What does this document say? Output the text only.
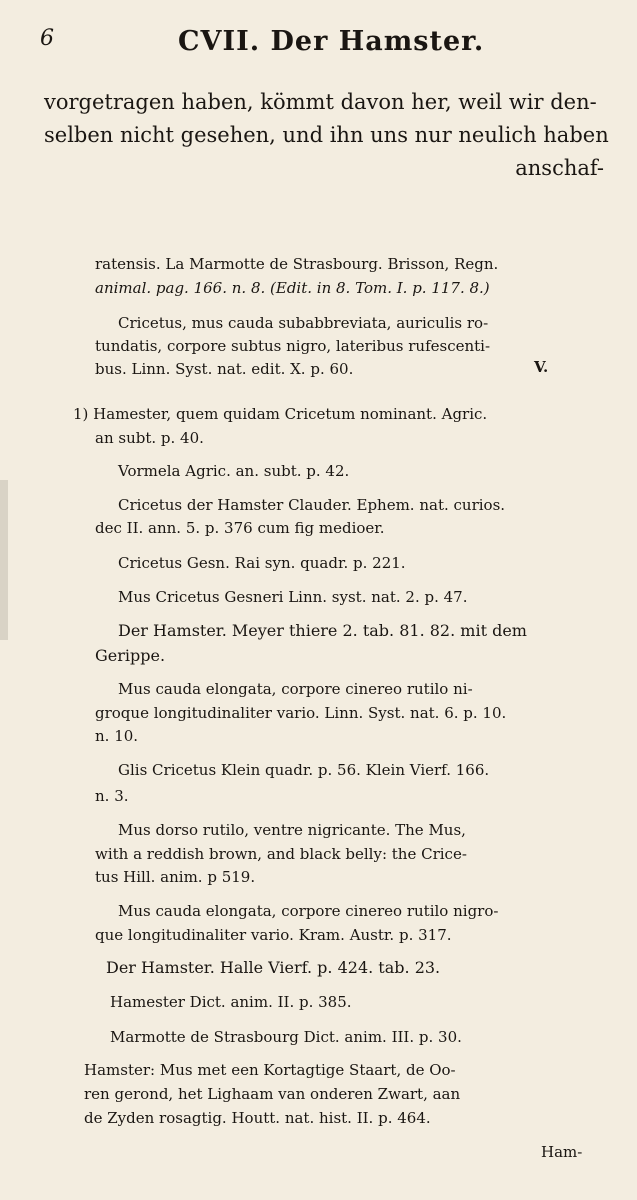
6	CVII. Der Hamster.
vorgetragen haben, kömmt davon her, weil wir den-
selben nicht gesehen, und ihn uns nur neulich haben
anschaf-
ratensis. La Marmotte de Strasbourg. Brisson, Regn.
animal. pag. 166. n. 8. (Edit. in 8. Tom. I. p. 117. 8.)
Cricetus, mus cauda subabbreviata, auriculis ro-
tundatis, corpore subtus nigro, lateribus rufescenti-
bus. Linn. Syst. nat. edit. X. p. 60.	V.
1) Hamester, quem quidam Cricetum nominant. Agric.
an subt. p. 40.
Vormela Agric. an. subt. p. 42.
Cricetus der Hamster Clauder. Ephem. nat. curios.
dec II. ann. 5. p. 376 cum fig medioer.
Cricetus Gesn. Rai syn. quadr. p. 221.
Mus Cricetus Gesneri Linn. syst. nat. 2. p. 47.
Der Hamster. Meyer thiere 2. tab. 81. 82. mit dem
Gerippe.
Mus cauda elongata, corpore cinereo rutilo ni-
groque longitudinaliter vario. Linn. Syst. nat. 6. p. 10.
n. 10.
Glis Cricetus Klein quadr. p. 56. Klein Vierf. 166.
n. 3.
Mus dorso rutilo, ventre nigricante. The Mus,
with a reddish brown, and black belly: the Crice-
tus Hill. anim. p 519.
Mus cauda elongata, corpore cinereo rutilo nigro-
que longitudinaliter vario. Kram. Austr. p. 317.
Der Hamster. Halle Vierf. p. 424. tab. 23.
Hamester Dict. anim. II. p. 385.
Marmotte de Strasbourg Dict. anim. III. p. 30.
Hamster: Mus met een Kortagtige Staart, de Oo-
ren gerond, het Lighaam van onderen Zwart, aan
de Zyden rosagtig. Houtt. nat. hist. II. p. 464.
Ham-
